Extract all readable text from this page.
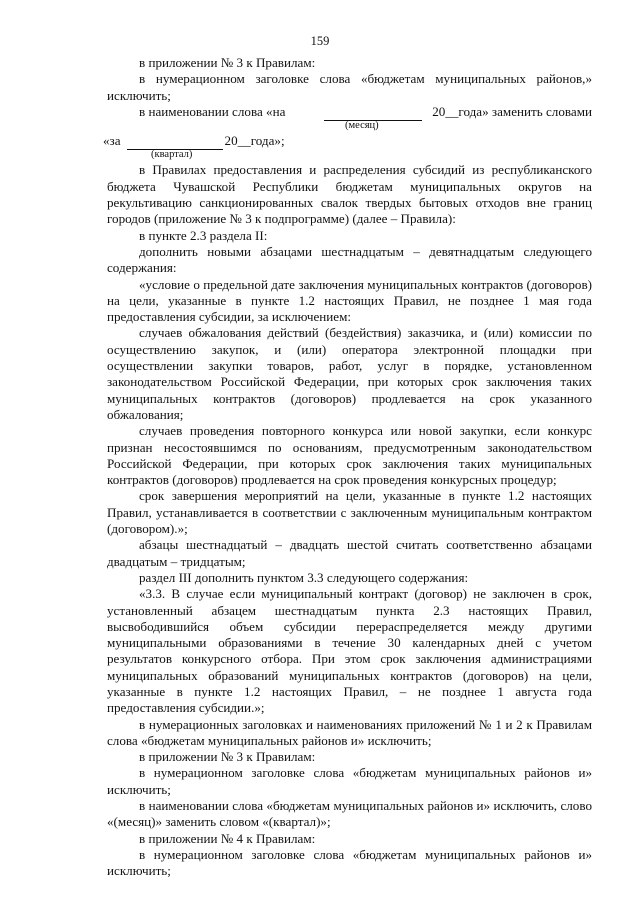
159

в приложении № 3 к Правилам:

в нумерационном заголовке слова «бюджетам муниципальных районов,» исключить;

в наименовании слова «на
	20__года» заменить словами
(месяц)
«за
	20__года»;
(квартал)

в Правилах предоставления и распределения субсидий из республиканского бюджета Чувашской Республики бюджетам муниципальных округов на рекультивацию санкционированных свалок твердых бытовых отходов вне границ городов (приложение № 3 к подпрограмме) (далее – Правила):

в пункте 2.3 раздела II:

дополнить новыми абзацами шестнадцатым – девятнадцатым следующего содержания:

«условие о предельной дате заключения муниципальных контрактов (договоров) на цели, указанные в пункте 1.2 настоящих Правил, не позднее 1 мая года предоставления субсидии, за исключением:

случаев обжалования действий (бездействия) заказчика, и (или) комиссии по осуществлению закупок, и (или) оператора электронной площадки при осуществлении закупки товаров, работ, услуг в порядке, установленном законодательством Российской Федерации, при которых срок заключения таких муниципальных контрактов (договоров) продлевается на срок указанного обжалования;

случаев проведения повторного конкурса или новой закупки, если конкурс признан несостоявшимся по основаниям, предусмотренным законодательством Российской Федерации, при которых срок заключения таких муниципальных контрактов (договоров) продлевается на срок проведения конкурсных процедур;

срок завершения мероприятий на цели, указанные в пункте 1.2 настоящих Правил, устанавливается в соответствии с заключенным муниципальным контрактом (договором).»;

абзацы шестнадцатый – двадцать шестой считать соответственно абзацами двадцатым – тридцатым;

раздел III дополнить пунктом 3.3 следующего содержания:

«3.3. В случае если муниципальный контракт (договор) не заключен в срок, установленный абзацем шестнадцатым пункта 2.3 настоящих Правил, высвободившийся объем субсидии перераспределяется между другими муниципальными образованиями в течение 30 календарных дней с учетом результатов конкурсного отбора. При этом срок заключения администрациями муниципальных образований муниципальных контрактов (договоров) на цели, указанные в пункте 1.2 настоящих Правил, – не позднее 1 августа года предоставления субсидии.»;

в нумерационных заголовках и наименованиях приложений № 1 и 2 к Правилам слова «бюджетам муниципальных районов и» исключить;

в приложении № 3 к Правилам:

в нумерационном заголовке слова «бюджетам муниципальных районов и» исключить;

в наименовании слова «бюджетам муниципальных районов и» исключить, слово «(месяц)» заменить словом «(квартал)»;

в приложении № 4 к Правилам:

в нумерационном заголовке слова «бюджетам муниципальных районов и» исключить;
